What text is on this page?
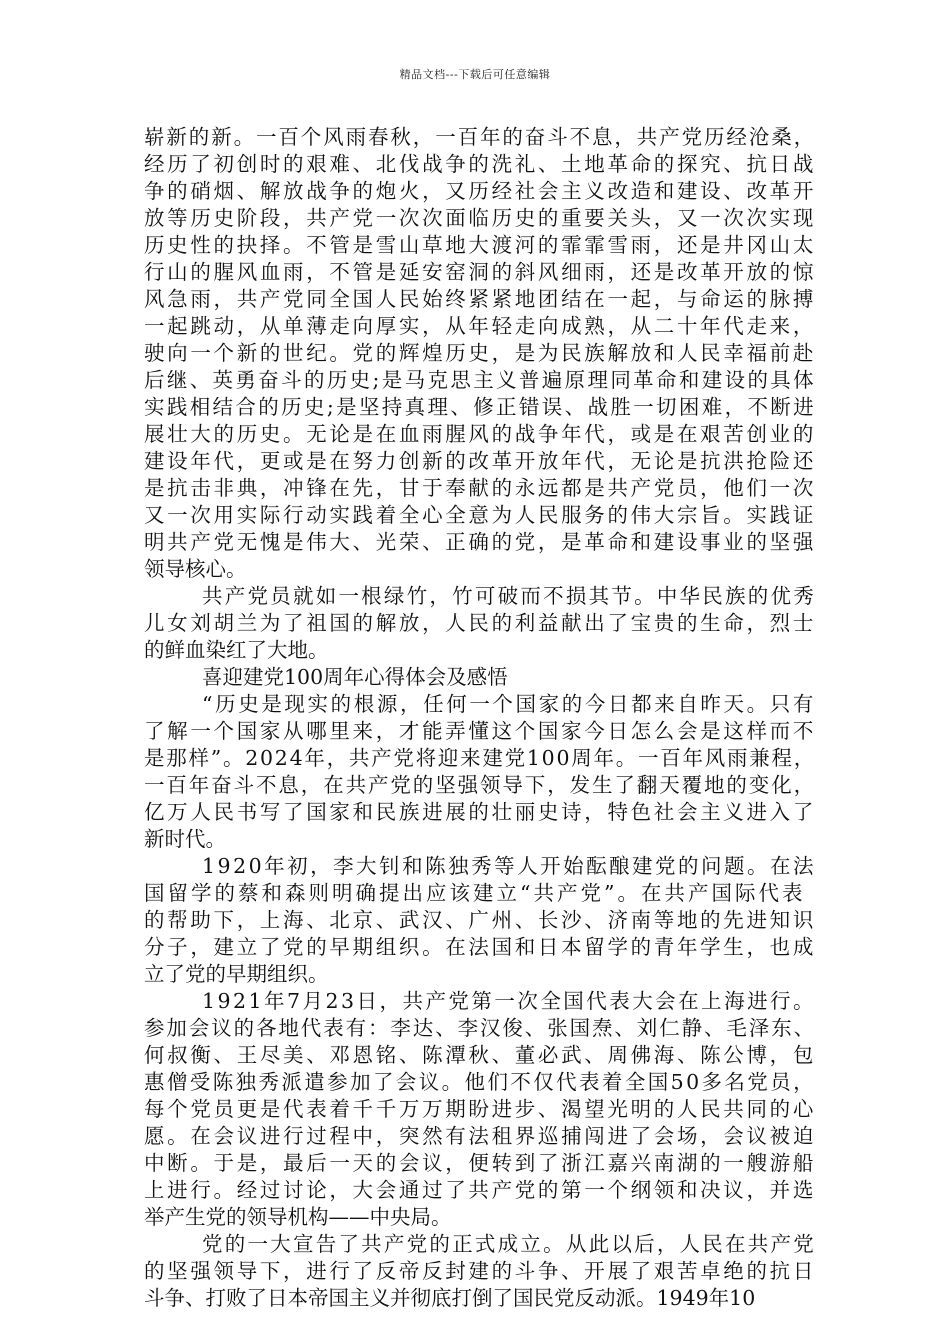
精品文档---下载后可任意编辑
崭新的新。一百个风雨春秋，一百年的奋斗不息，共产党历经沧桑，
经历了初创时的艰难、北伐战争的洗礼、土地革命的探究、抗日战
争的硝烟、解放战争的炮火，又历经社会主义改造和建设、改革开
放等历史阶段，共产党一次次面临历史的重要关头，又一次次实现
历史性的抉择。不管是雪山草地大渡河的霏霏雪雨，还是井冈山太
行山的腥风血雨，不管是延安窑洞的斜风细雨，还是改革开放的惊
风急雨，共产党同全国人民始终紧紧地团结在一起，与命运的脉搏
一起跳动，从单薄走向厚实，从年轻走向成熟，从二十年代走来，
驶向一个新的世纪。党的辉煌历史，是为民族解放和人民幸福前赴
后继、英勇奋斗的历史;是马克思主义普遍原理同革命和建设的具体
实践相结合的历史;是坚持真理、修正错误、战胜一切困难，不断进
展壮大的历史。无论是在血雨腥风的战争年代，或是在艰苦创业的
建设年代，更或是在努力创新的改革开放年代，无论是抗洪抢险还
是抗击非典，冲锋在先，甘于奉献的永远都是共产党员，他们一次
又一次用实际行动实践着全心全意为人民服务的伟大宗旨。实践证
明共产党无愧是伟大、光荣、正确的党，是革命和建设事业的坚强
领导核心。
共产党员就如一根绿竹，竹可破而不损其节。中华民族的优秀
儿女刘胡兰为了祖国的解放，人民的利益献出了宝贵的生命，烈士
的鲜血染红了大地。
喜迎建党100周年心得体会及感悟
“历史是现实的根源，任何一个国家的今日都来自昨天。只有
了解一个国家从哪里来，才能弄懂这个国家今日怎么会是这样而不
是那样”。2024年，共产党将迎来建党100周年。一百年风雨兼程，
一百年奋斗不息，在共产党的坚强领导下，发生了翻天覆地的变化，
亿万人民书写了国家和民族进展的壮丽史诗，特色社会主义进入了
新时代。
1920年初，李大钊和陈独秀等人开始酝酿建党的问题。在法
国留学的蔡和森则明确提出应该建立“共产党”。在共产国际代表
的帮助下，上海、北京、武汉、广州、长沙、济南等地的先进知识
分子，建立了党的早期组织。在法国和日本留学的青年学生，也成
立了党的早期组织。
1921年7月23日，共产党第一次全国代表大会在上海进行。
参加会议的各地代表有：李达、李汉俊、张国焘、刘仁静、毛泽东、
何叔衡、王尽美、邓恩铭、陈潭秋、董必武、周佛海、陈公博，包
惠僧受陈独秀派遣参加了会议。他们不仅代表着全国50多名党员，
每个党员更是代表着千千万万期盼进步、渴望光明的人民共同的心
愿。在会议进行过程中，突然有法租界巡捕闯进了会场，会议被迫
中断。于是，最后一天的会议，便转到了浙江嘉兴南湖的一艘游船
上进行。经过讨论，大会通过了共产党的第一个纲领和决议，并选
举产生党的领导机构——中央局。
党的一大宣告了共产党的正式成立。从此以后，人民在共产党
的坚强领导下，进行了反帝反封建的斗争、开展了艰苦卓绝的抗日
斗争、打败了日本帝国主义并彻底打倒了国民党反动派。1949年10
